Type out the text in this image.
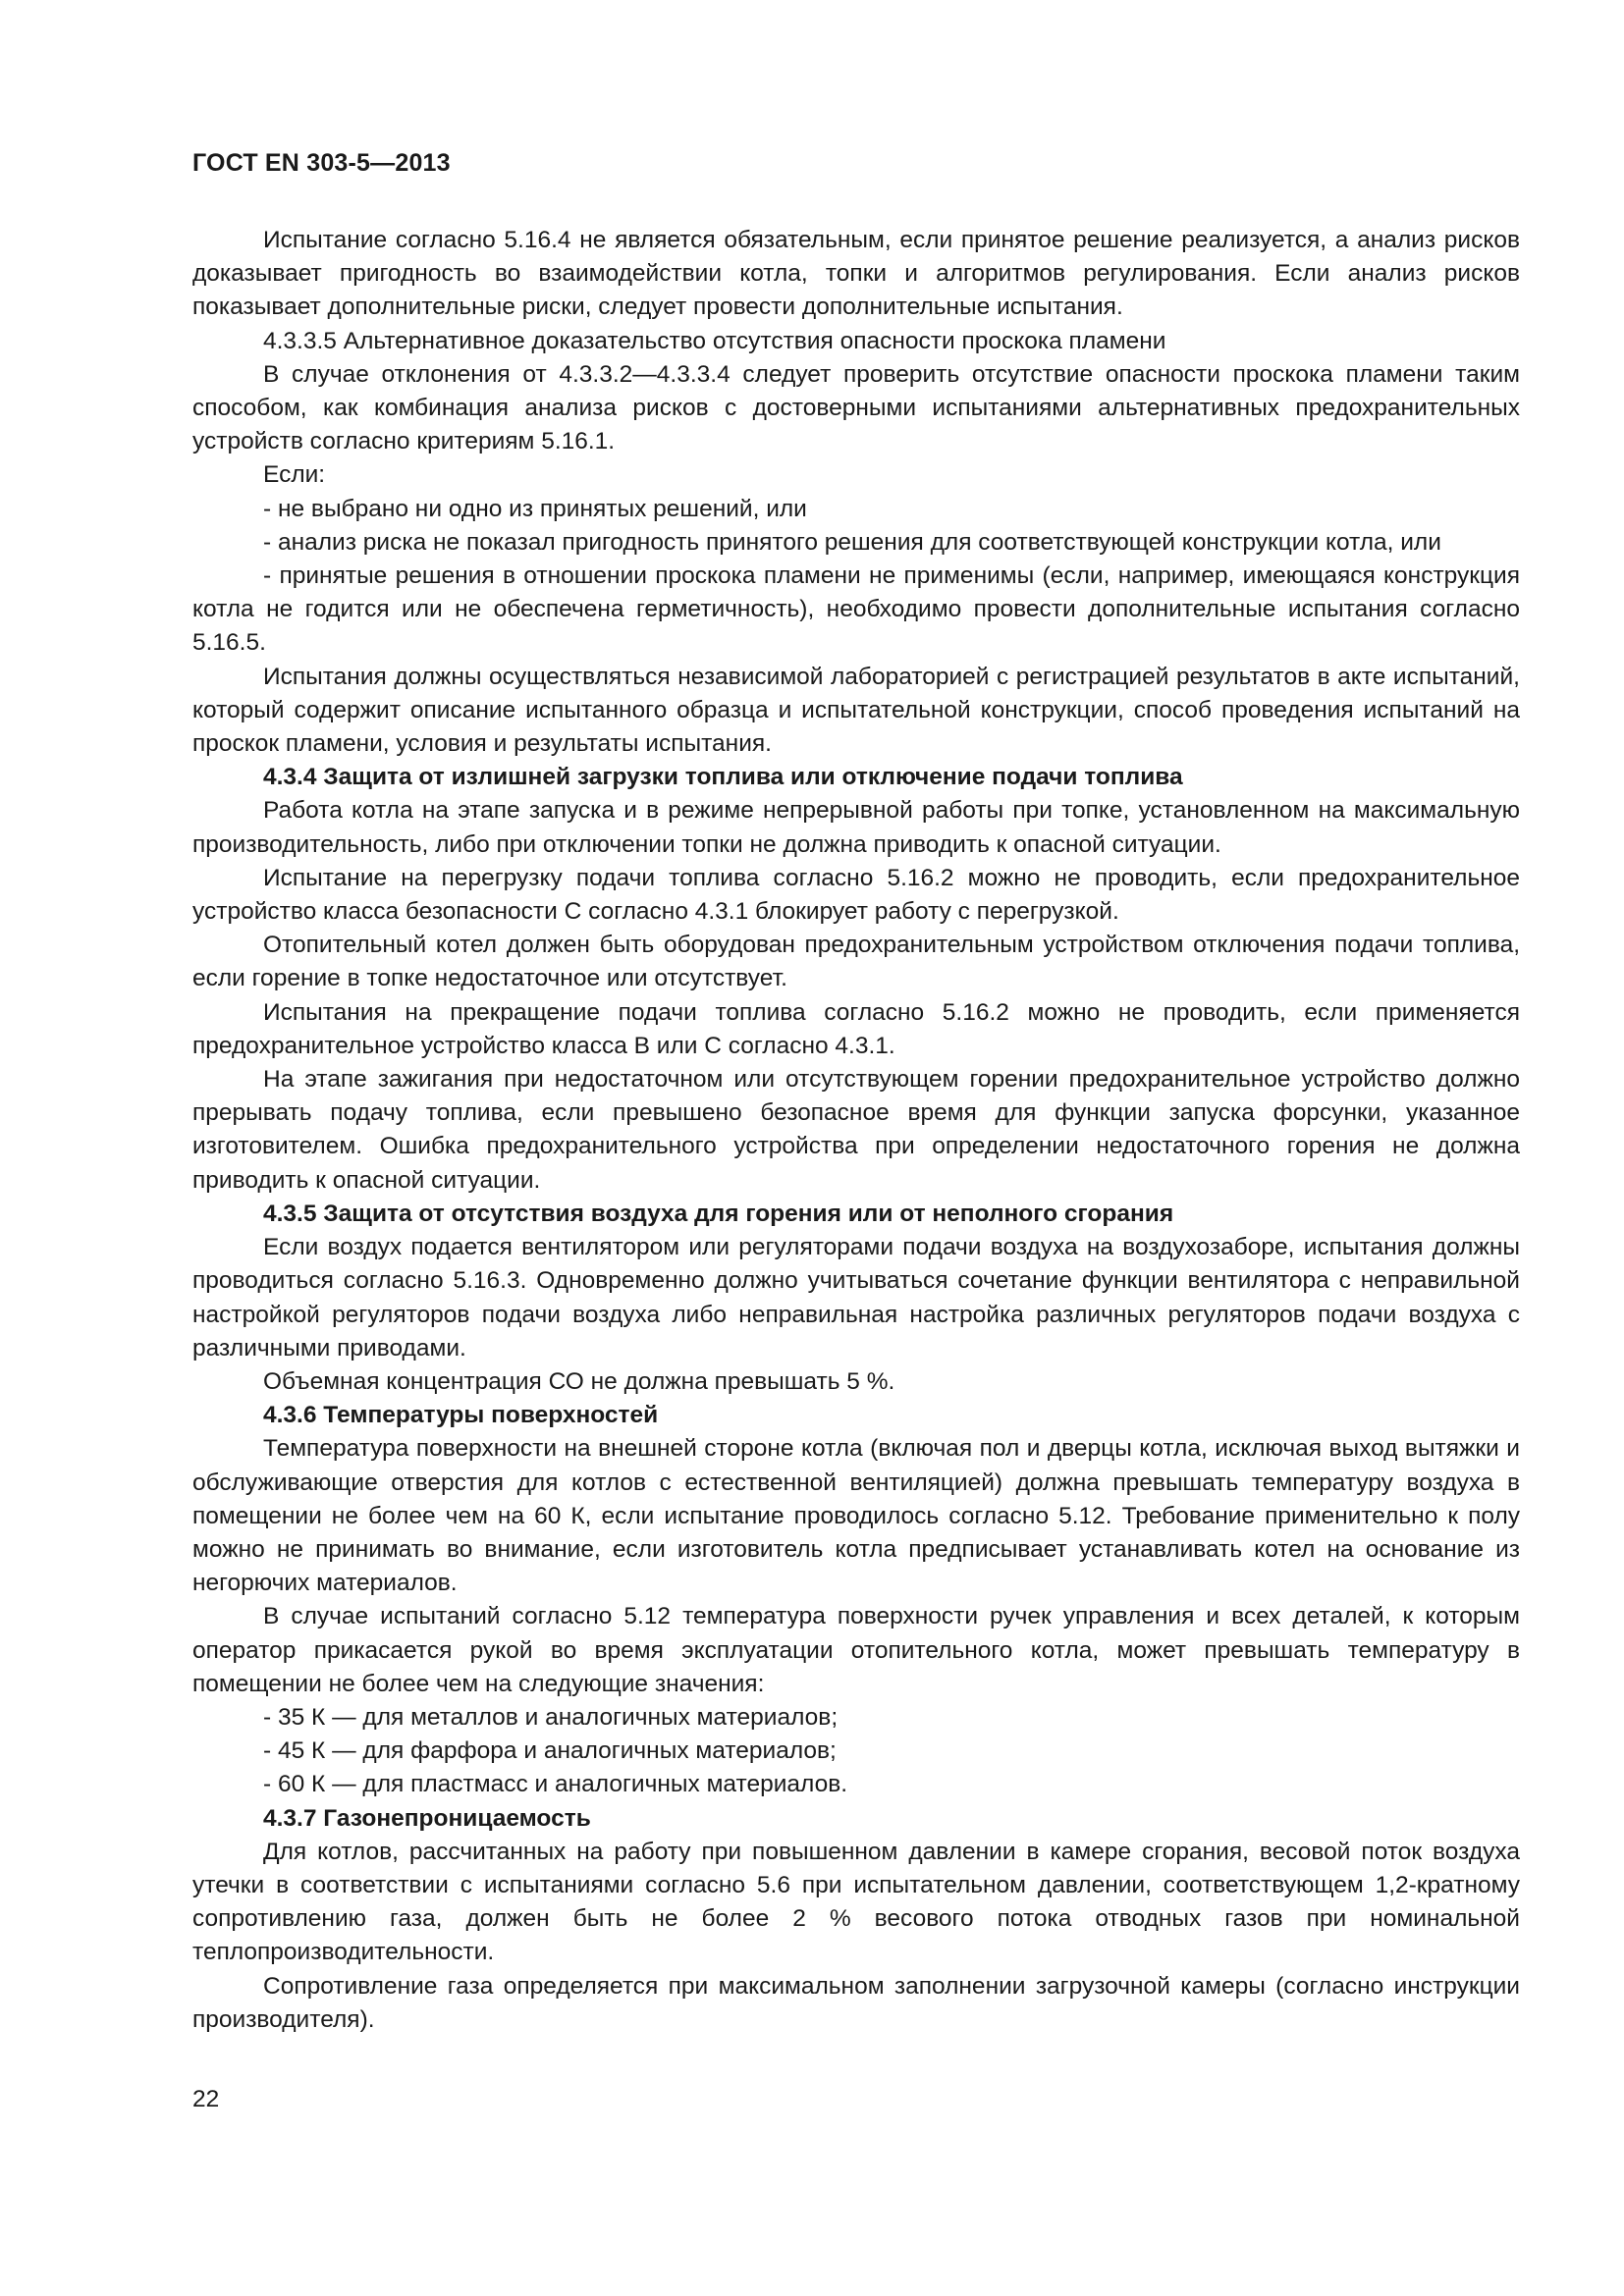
ГОСТ EN 303-5—2013

Испытание согласно 5.16.4 не является обязательным, если принятое решение реализуется, а анализ рисков доказывает пригодность во взаимодействии котла, топки и алгоритмов регулирования. Если анализ рисков показывает дополнительные риски, следует провести дополнительные испытания.

4.3.3.5 Альтернативное доказательство отсутствия опасности проскока пламени

В случае отклонения от 4.3.3.2—4.3.3.4 следует проверить отсутствие опасности проскока пламени таким способом, как комбинация анализа рисков с достоверными испытаниями альтернативных предохранительных устройств согласно критериям 5.16.1.

Если:

- не выбрано ни одно из принятых решений, или

- анализ риска не показал пригодность принятого решения для соответствующей конструкции котла, или

- принятые решения в отношении проскока пламени не применимы (если, например, имеющаяся конструкция котла не годится или не обеспечена герметичность), необходимо провести дополнительные испытания согласно 5.16.5.

Испытания должны осуществляться независимой лабораторией с регистрацией результатов в акте испытаний, который содержит описание испытанного образца и испытательной конструкции, способ проведения испытаний на проскок пламени, условия и результаты испытания.

4.3.4 Защита от излишней загрузки топлива или отключение подачи топлива

Работа котла на этапе запуска и в режиме непрерывной работы при топке, установленном на максимальную производительность, либо при отключении топки не должна приводить к опасной ситуации.

Испытание на перегрузку подачи топлива согласно 5.16.2 можно не проводить, если предохранительное устройство класса безопасности С согласно 4.3.1 блокирует работу с перегрузкой.

Отопительный котел должен быть оборудован предохранительным устройством отключения подачи топлива, если горение в топке недостаточное или отсутствует.

Испытания на прекращение подачи топлива согласно 5.16.2 можно не проводить, если применяется предохранительное устройство класса В или С согласно 4.3.1.

На этапе зажигания при недостаточном или отсутствующем горении предохранительное устройство должно прерывать подачу топлива, если превышено безопасное время для функции запуска форсунки, указанное изготовителем. Ошибка предохранительного устройства при определении недостаточного горения не должна приводить к опасной ситуации.

4.3.5 Защита от отсутствия воздуха для горения или от неполного сгорания

Если воздух подается вентилятором или регуляторами подачи воздуха на воздухозаборе, испытания должны проводиться согласно 5.16.3. Одновременно должно учитываться сочетание функции вентилятора с неправильной настройкой регуляторов подачи воздуха либо неправильная настройка различных регуляторов подачи воздуха с различными приводами.

Объемная концентрация СО не должна превышать 5 %.

4.3.6 Температуры поверхностей

Температура поверхности на внешней стороне котла (включая пол и дверцы котла, исключая выход вытяжки и обслуживающие отверстия для котлов с естественной вентиляцией) должна превышать температуру воздуха в помещении не более чем на 60 К, если испытание проводилось согласно 5.12. Требование применительно к полу можно не принимать во внимание, если изготовитель котла предписывает устанавливать котел на основание из негорючих материалов.

В случае испытаний согласно 5.12 температура поверхности ручек управления и всех деталей, к которым оператор прикасается рукой во время эксплуатации отопительного котла, может превышать температуру в помещении не более чем на следующие значения:

- 35 К — для металлов и аналогичных материалов;

- 45 К — для фарфора и аналогичных материалов;

- 60 К — для пластмасс и аналогичных материалов.

4.3.7 Газонепроницаемость

Для котлов, рассчитанных на работу при повышенном давлении в камере сгорания, весовой поток воздуха утечки в соответствии с испытаниями согласно 5.6 при испытательном давлении, соответствующем 1,2-кратному сопротивлению газа, должен быть не более 2 % весового потока отводных газов при номинальной теплопроизводительности.

Сопротивление газа определяется при максимальном заполнении загрузочной камеры (согласно инструкции производителя).

22
